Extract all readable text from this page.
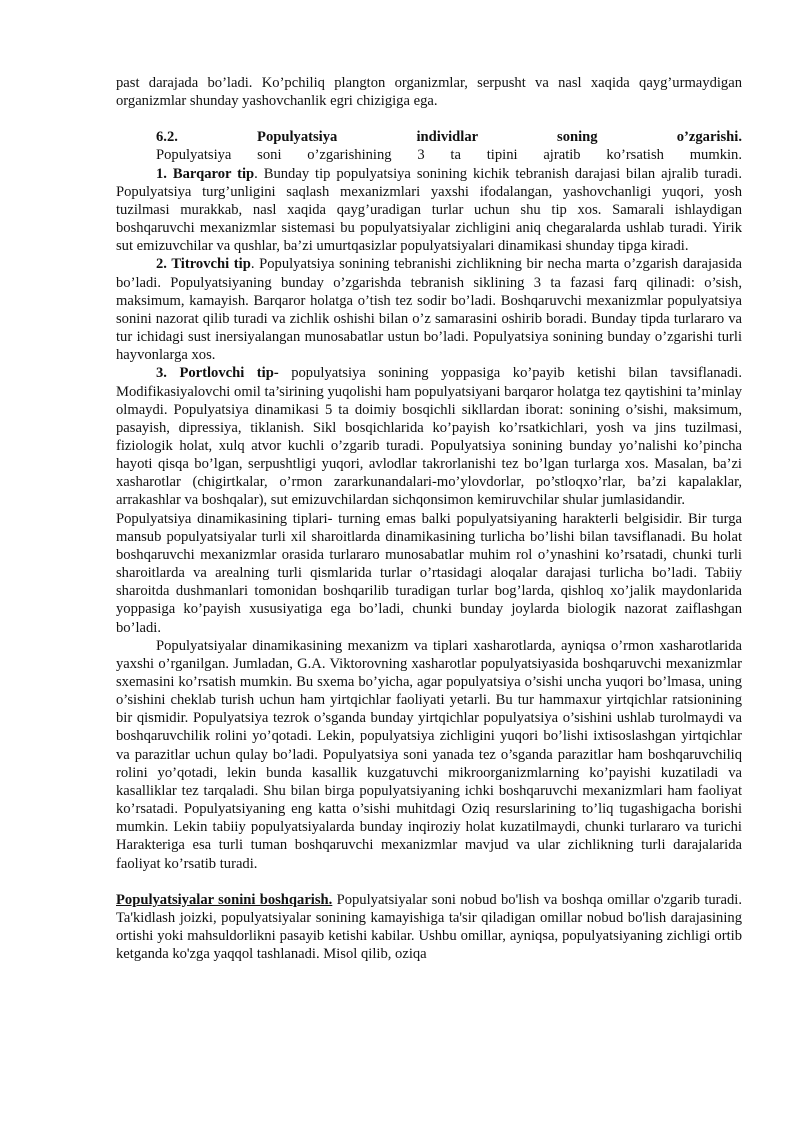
past darajada bo’ladi. Ko’pchiliq plangton organizmlar, serpusht va nasl xaqida qayg’urmaydigan organizmlar shunday yashovchanlik egri chizigiga ega.

6.2. Populyatsiya individlar soning o’zgarishi.

Populyatsiya soni o’zgarishining 3 ta tipini ajratib ko’rsatish mumkin.

1. Barqaror tip. Bunday tip populyatsiya sonining kichik tebranish darajasi bilan ajralib turadi. Populyatsiya turg’unligini saqlash mexanizmlari yaxshi ifodalangan, yashovchanligi yuqori, yosh tuzilmasi murakkab, nasl xaqida qayg’uradigan turlar uchun shu tip xos. Samarali ishlaydigan boshqaruvchi mexanizmlar sistemasi bu populyatsiyalar zichligini aniq chegaralarda ushlab turadi. Yirik sut emizuvchilar va qushlar, ba’zi umurtqasizlar populyatsiyalari dinamikasi shunday tipga kiradi.

2. Titrovchi tip. Populyatsiya sonining tebranishi zichlikning bir necha marta o’zgarish darajasida bo’ladi. Populyatsiyaning bunday o’zgarishda tebranish siklining 3 ta fazasi farq qilinadi: o’sish, maksimum, kamayish. Barqaror holatga o’tish tez sodir bo’ladi. Boshqaruvchi mexanizmlar populyatsiya sonini nazorat qilib turadi va zichlik oshishi bilan o’z samarasini oshirib boradi. Bunday tipda turlararo va tur ichidagi sust inersiyalangan munosabatlar ustun bo’ladi. Populyatsiya sonining bunday o’zgarishi turli hayvonlarga xos.

3. Portlovchi tip- populyatsiya sonining yoppasiga ko’payib ketishi bilan tavsiflanadi. Modifikasiyalovchi omil ta’sirining yuqolishi ham populyatsiyani barqaror holatga tez qaytishini ta’minlay olmaydi. Populyatsiya dinamikasi 5 ta doimiy bosqichli sikllardan iborat: sonining o’sishi, maksimum, pasayish, dipressiya, tiklanish. Sikl bosqichlarida ko’payish ko’rsatkichlari, yosh va jins tuzilmasi, fiziologik holat, xulq atvor kuchli o’zgarib turadi. Populyatsiya sonining bunday yo’nalishi ko’pincha hayoti qisqa bo’lgan, serpushtligi yuqori, avlodlar takrorlanishi tez bo’lgan turlarga xos. Masalan, ba’zi xasharotlar (chigirtkalar, o’rmon zararkunandalari-mo’ylovdorlar, po’stloqxo’rlar, ba’zi kapalaklar, arrakashlar va boshqalar), sut emizuvchilardan sichqonsimon kemiruvchilar shular jumlasidandir.

Populyatsiya dinamikasining tiplari- turning emas balki populyatsiyaning harakterli belgisidir. Bir turga mansub populyatsiyalar turli xil sharoitlarda dinamikasining turlicha bo’lishi bilan tavsiflanadi. Bu holat boshqaruvchi mexanizmlar orasida turlararo munosabatlar muhim rol o’ynashini ko’rsatadi, chunki turli sharoitlarda va arealning turli qismlarida turlar o’rtasidagi aloqalar darajasi turlicha bo’ladi. Tabiiy sharoitda dushmanlari tomonidan boshqarilib turadigan turlar bog’larda, qishloq xo’jalik maydonlarida yoppasiga ko’payish xususiyatiga ega bo’ladi, chunki bunday joylarda biologik nazorat zaiflashgan bo’ladi.

Populyatsiyalar dinamikasining mexanizm va tiplari xasharotlarda, ayniqsa o’rmon xasharotlarida yaxshi o’rganilgan. Jumladan, G.A. Viktorovning xasharotlar populyatsiyasida boshqaruvchi mexanizmlar sxemasini ko’rsatish mumkin. Bu sxema bo’yicha, agar populyatsiya o’sishi uncha yuqori bo’lmasa, uning o’sishini cheklab turish uchun ham yirtqichlar faoliyati yetarli. Bu tur hammaxur yirtqichlar ratsionining bir qismidir. Populyatsiya tezrok o’sganda bunday yirtqichlar populyatsiya o’sishini ushlab turolmaydi va boshqaruvchilik rolini yo’qotadi. Lekin, populyatsiya zichligini yuqori bo’lishi ixtisoslashgan yirtqichlar va parazitlar uchun qulay bo’ladi. Populyatsiya soni yanada tez o’sganda parazitlar ham boshqaruvchiliq rolini yo’qotadi, lekin bunda kasallik kuzgatuvchi mikroorganizmlarning ko’payishi kuzatiladi va kasalliklar tez tarqaladi. Shu bilan birga populyatsiyaning ichki boshqaruvchi mexanizmlari ham faoliyat ko’rsatadi. Populyatsiyaning eng katta o’sishi muhitdagi Oziq resurslarining to’liq tugashigacha borishi mumkin. Lekin tabiiy populyatsiyalarda bunday inqiroziy holat kuzatilmaydi, chunki turlararo va turichi Harakteriga esa turli tuman boshqaruvchi mexanizmlar mavjud va ular zichlikning turli darajalarida faoliyat ko’rsatib turadi.

Populyatsiyalar sonini boshqarish. Populyatsiyalar soni nobud bo'lish va boshqa omillar o'zgarib turadi. Ta'kidlash joizki, populyatsiyalar sonining kamayishiga ta'sir qiladigan omillar nobud bo'lish darajasining ortishi yoki mahsuldorlikni pasayib ketishi kabilar. Ushbu omillar, ayniqsa, populyatsiyaning zichligi ortib ketganda ko'zga yaqqol tashlanadi. Misol qilib, oziqa
